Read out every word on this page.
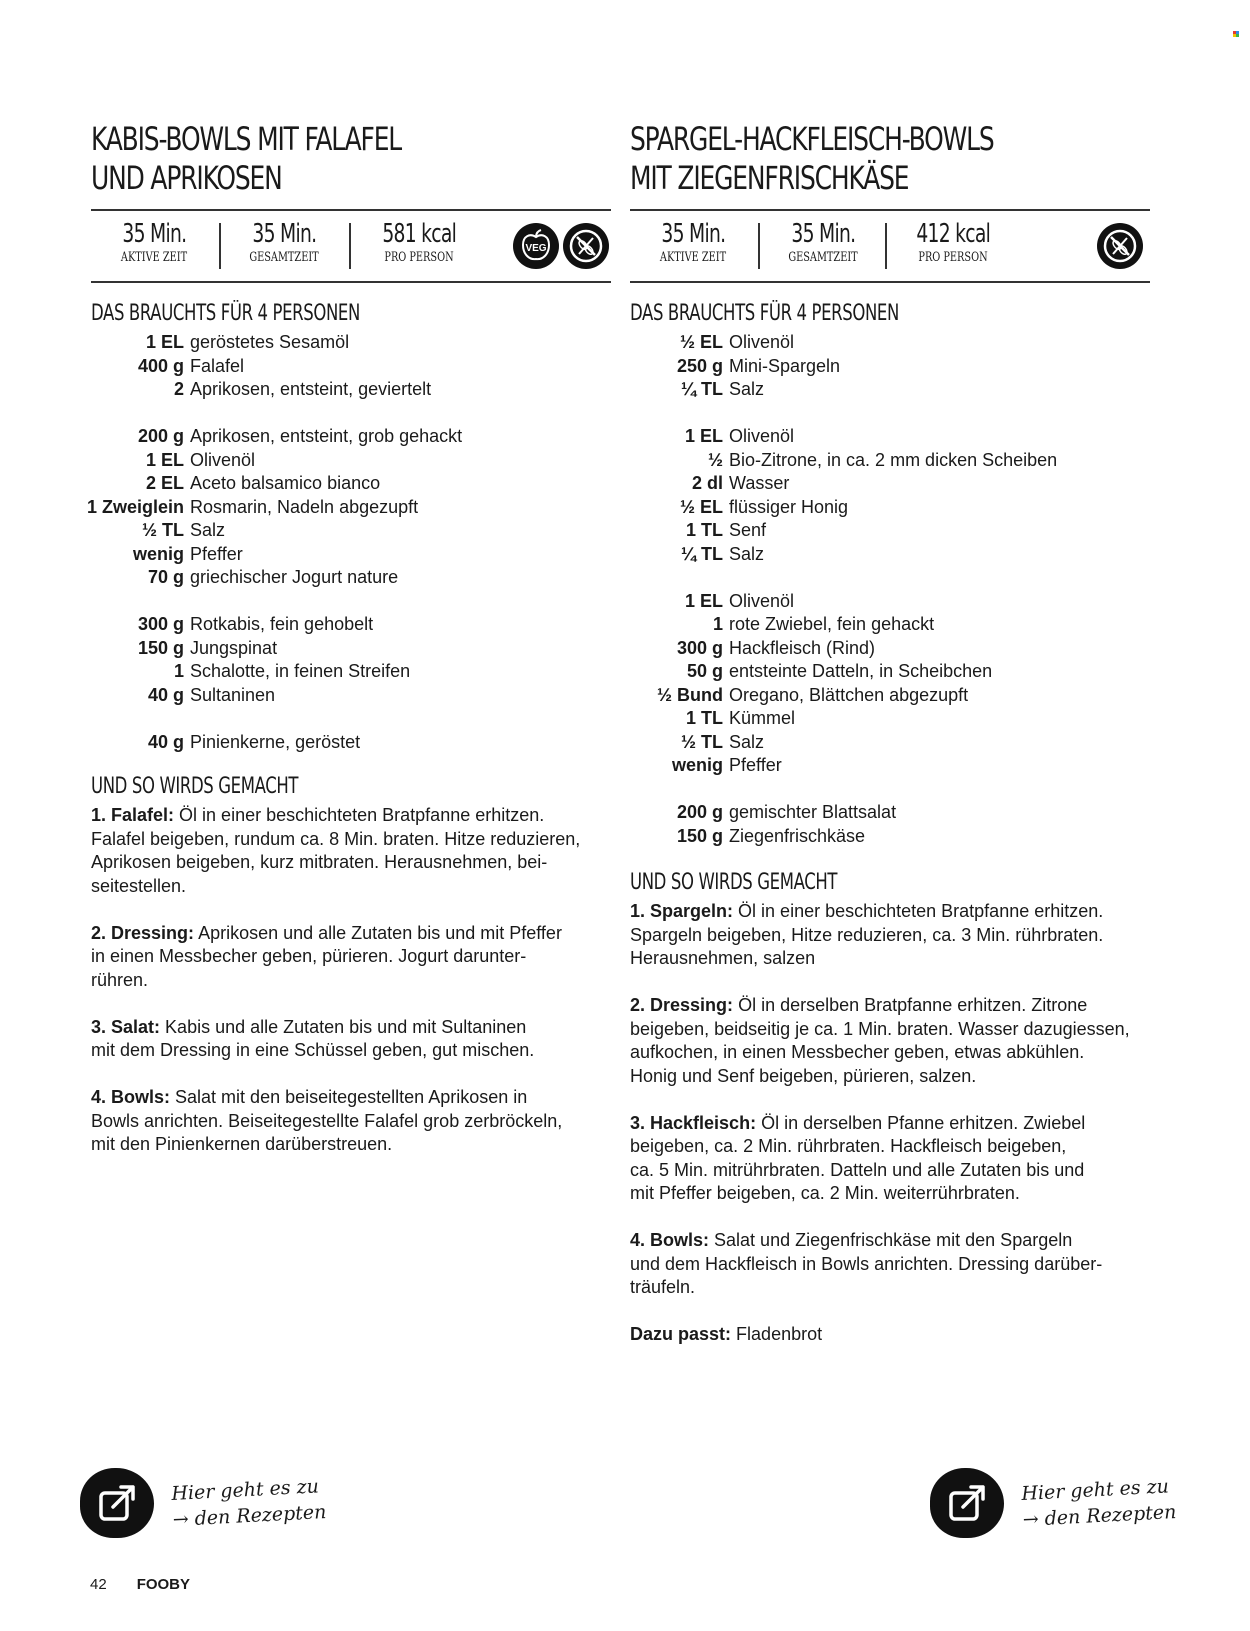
KABIS-BOWLS MIT FALAFEL
UND APRIKOSEN
35 Min.
AKTIVE ZEIT
35 Min.
GESAMTZEIT
581 kcal
PRO PERSON
VEG
DAS BRAUCHTS FÜR 4 PERSONEN
1 EL geröstetes Sesamöl
400 g Falafel
2 Aprikosen, entsteint, geviertelt
200 g Aprikosen, entsteint, grob gehackt
1 EL Olivenöl
2 EL Aceto balsamico bianco
1 Zweiglein Rosmarin, Nadeln abgezupft
½ TL Salz
wenig Pfeffer
70 g griechischer Jogurt nature
300 g Rotkabis, fein gehobelt
150 g Jungspinat
1 Schalotte, in feinen Streifen
40 g Sultaninen
40 g Pinienkerne, geröstet
UND SO WIRDS GEMACHT
1. Falafel: Öl in einer beschichteten Bratpfanne erhitzen.
Falafel beigeben, rundum ca. 8 Min. braten. Hitze reduzieren,
Aprikosen beigeben, kurz mitbraten. Herausnehmen, bei-
seitestellen.
2. Dressing: Aprikosen und alle Zutaten bis und mit Pfeffer
in einen Messbecher geben, pürieren. Jogurt darunter-
rühren.
3. Salat: Kabis und alle Zutaten bis und mit Sultaninen
mit dem Dressing in eine Schüssel geben, gut mischen.
4. Bowls: Salat mit den beiseitegestellten Aprikosen in
Bowls anrichten. Beiseitegestellte Falafel grob zerbröckeln,
mit den Pinienkernen darüberstreuen.
SPARGEL-HACKFLEISCH-BOWLS
MIT ZIEGENFRISCHKÄSE
35 Min.
AKTIVE ZEIT
35 Min.
GESAMTZEIT
412 kcal
PRO PERSON
DAS BRAUCHTS FÜR 4 PERSONEN
½ EL Olivenöl
250 g Mini-Spargeln
¼ TL Salz
1 EL Olivenöl
½ Bio-Zitrone, in ca. 2 mm dicken Scheiben
2 dl Wasser
½ EL flüssiger Honig
1 TL Senf
¼ TL Salz
1 EL Olivenöl
1 rote Zwiebel, fein gehackt
300 g Hackfleisch (Rind)
50 g entsteinte Datteln, in Scheibchen
½ Bund Oregano, Blättchen abgezupft
1 TL Kümmel
½ TL Salz
wenig Pfeffer
200 g gemischter Blattsalat
150 g Ziegenfrischkäse
UND SO WIRDS GEMACHT
1. Spargeln: Öl in einer beschichteten Bratpfanne erhitzen.
Spargeln beigeben, Hitze reduzieren, ca. 3 Min. rührbraten.
Herausnehmen, salzen
2. Dressing: Öl in derselben Bratpfanne erhitzen. Zitrone
beigeben, beidseitig je ca. 1 Min. braten. Wasser dazugiessen,
aufkochen, in einen Messbecher geben, etwas abkühlen.
Honig und Senf beigeben, pürieren, salzen.
3. Hackfleisch: Öl in derselben Pfanne erhitzen. Zwiebel
beigeben, ca. 2 Min. rührbraten. Hackfleisch beigeben,
ca. 5 Min. mitrührbraten. Datteln und alle Zutaten bis und
mit Pfeffer beigeben, ca. 2 Min. weiterrührbraten.
4. Bowls: Salat und Ziegenfrischkäse mit den Spargeln
und dem Hackfleisch in Bowls anrichten. Dressing darüber-
träufeln.
Dazu passt: Fladenbrot
Hier geht es zu
→ den Rezepten
Hier geht es zu
→ den Rezepten
42 FOOBY
